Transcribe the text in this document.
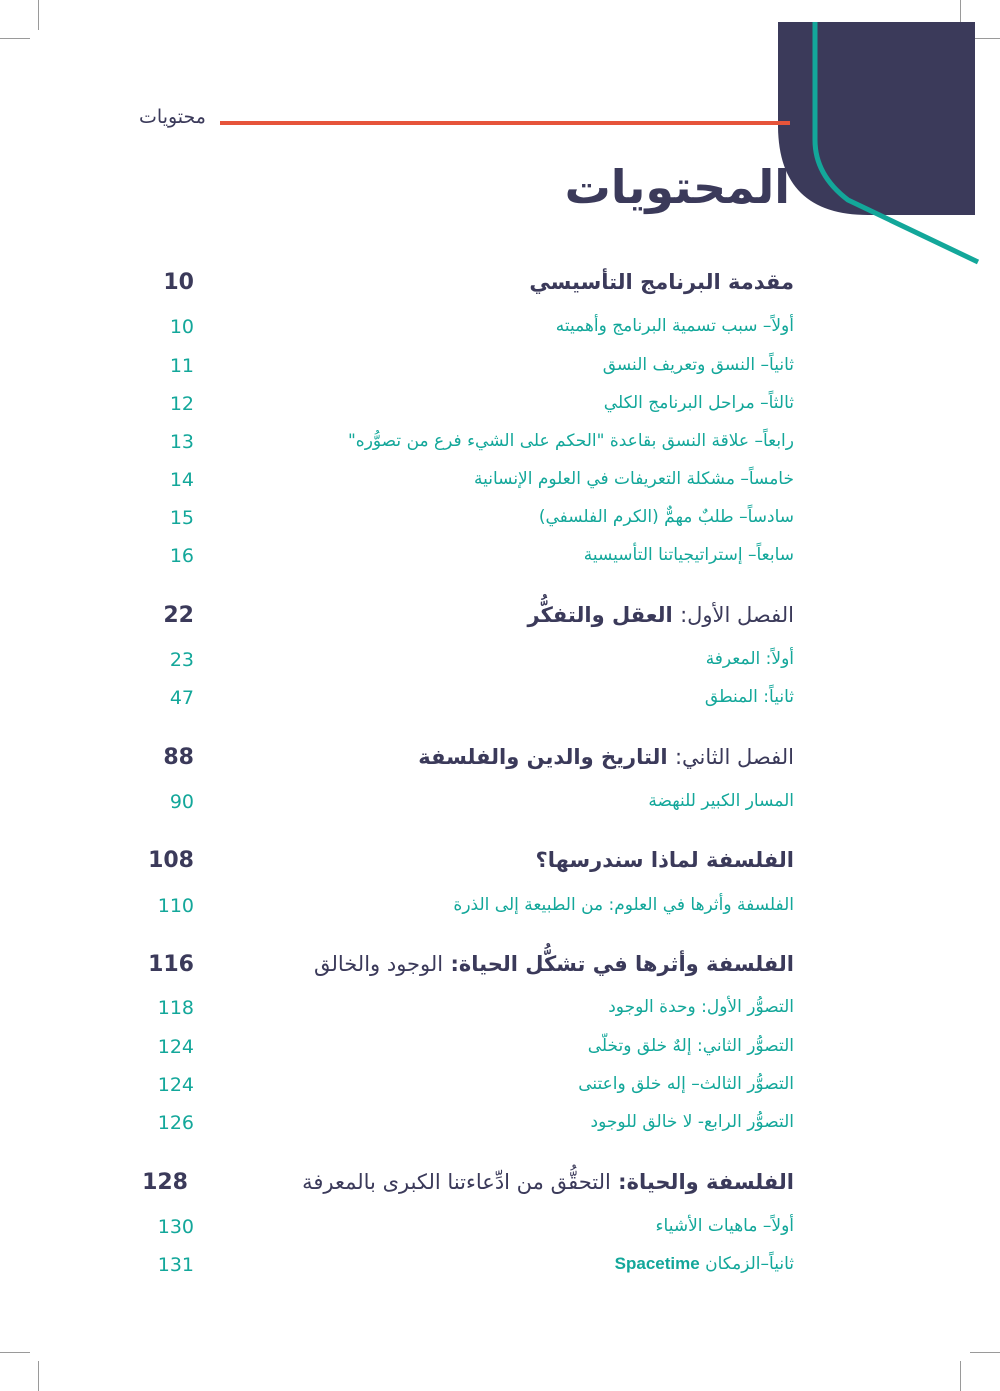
محتويات
المحتويات
مقدمة البرنامج التأسيسي
10
أولاً– سبب تسمية البرنامج وأهميته
10
ثانياً– النسق وتعريف النسق
11
ثالثاً– مراحل البرنامج الكلي
12
رابعاً– علاقة النسق بقاعدة "الحكم على الشيء فرع من تصوُّره"
13
خامساً– مشكلة التعريفات في العلوم الإنسانية
14
سادساً– طلبٌ مهمٌّ (الكرم الفلسفي)
15
سابعاً– إستراتيجياتنا التأسيسية
16
الفصل الأول: العقل والتفكُّر
22
أولاً: المعرفة
23
ثانياً: المنطق
47
الفصل الثاني: التاريخ والدين والفلسفة
88
المسار الكبير للنهضة
90
الفلسفة لماذا سندرسها؟
108
الفلسفة وأثرها في العلوم: من الطبيعة إلى الذرة
110
الفلسفة وأثرها في تشكُّل الحياة: الوجود والخالق
116
التصوُّر الأول: وحدة الوجود
118
التصوُّر الثاني: إلهٌ خلق وتخلّى
124
التصوُّر الثالث– إله خلق واعتنى
124
التصوُّر الرابع- لا خالق للوجود
126
الفلسفة والحياة: التحقُّق من ادِّعاءتنا الكبرى بالمعرفة
128
أولاً– ماهيات الأشياء
130
ثانياً–الزمكان Spacetime
131
